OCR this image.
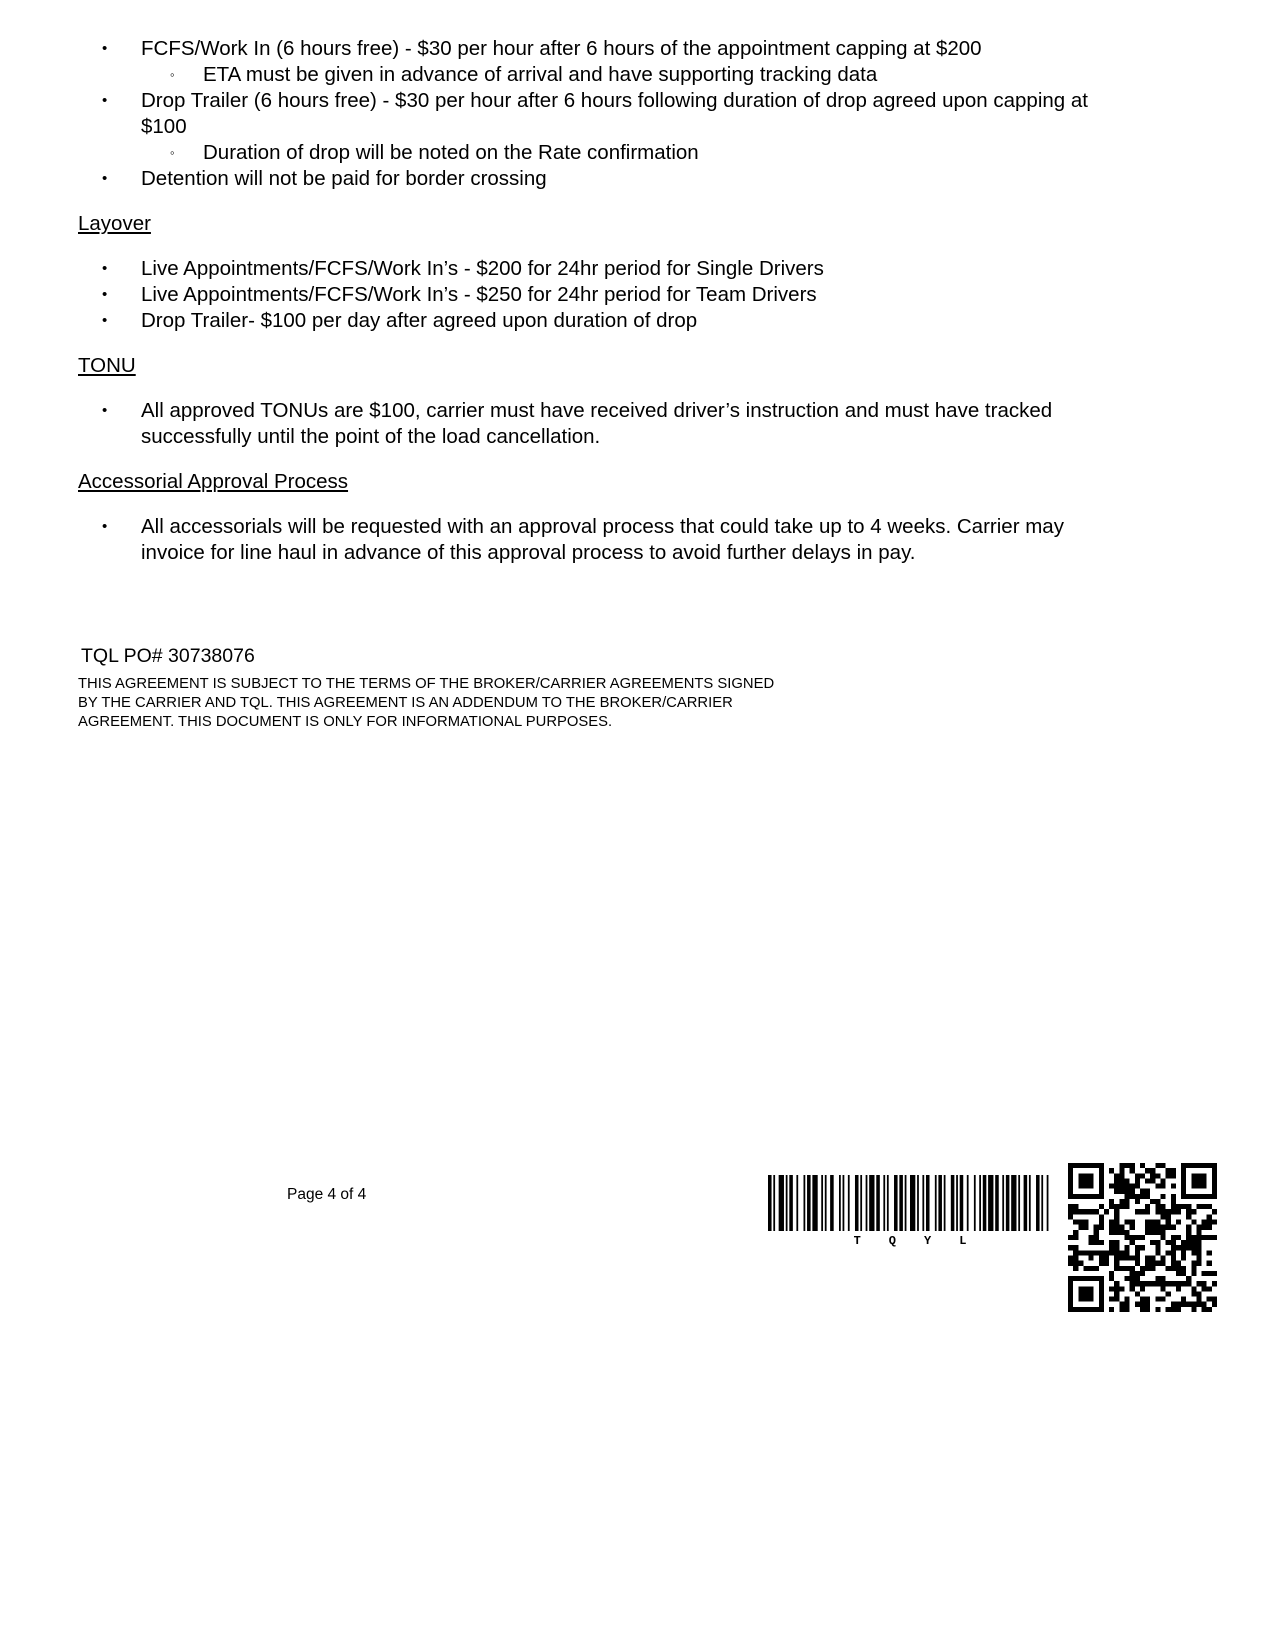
• FCFS/Work In (6 hours free) - $30 per hour after 6 hours of the appointment capping at $200
◦ ETA must be given in advance of arrival and have supporting tracking data
• Drop Trailer (6 hours free) - $30 per hour after 6 hours following duration of drop agreed upon capping at $100
◦ Duration of drop will be noted on the Rate confirmation
• Detention will not be paid for border crossing
Layover
• Live Appointments/FCFS/Work In’s - $200 for 24hr period for Single Drivers
• Live Appointments/FCFS/Work In’s - $250 for 24hr period for Team Drivers
• Drop Trailer- $100 per day after agreed upon duration of drop
TONU
• All approved TONUs are $100, carrier must have received driver’s instruction and must have tracked successfully until the point of the load cancellation.
Accessorial Approval Process
• All accessorials will be requested with an approval process that could take up to 4 weeks. Carrier may invoice for line haul in advance of this approval process to avoid further delays in pay.
TQL PO# 30738076
THIS AGREEMENT IS SUBJECT TO THE TERMS OF THE BROKER/CARRIER AGREEMENTS SIGNED BY THE CARRIER AND TQL. THIS AGREEMENT IS AN ADDENDUM TO THE BROKER/CARRIER AGREEMENT. THIS DOCUMENT IS ONLY FOR INFORMATIONAL PURPOSES.
Page 4 of 4
T Q Y L
